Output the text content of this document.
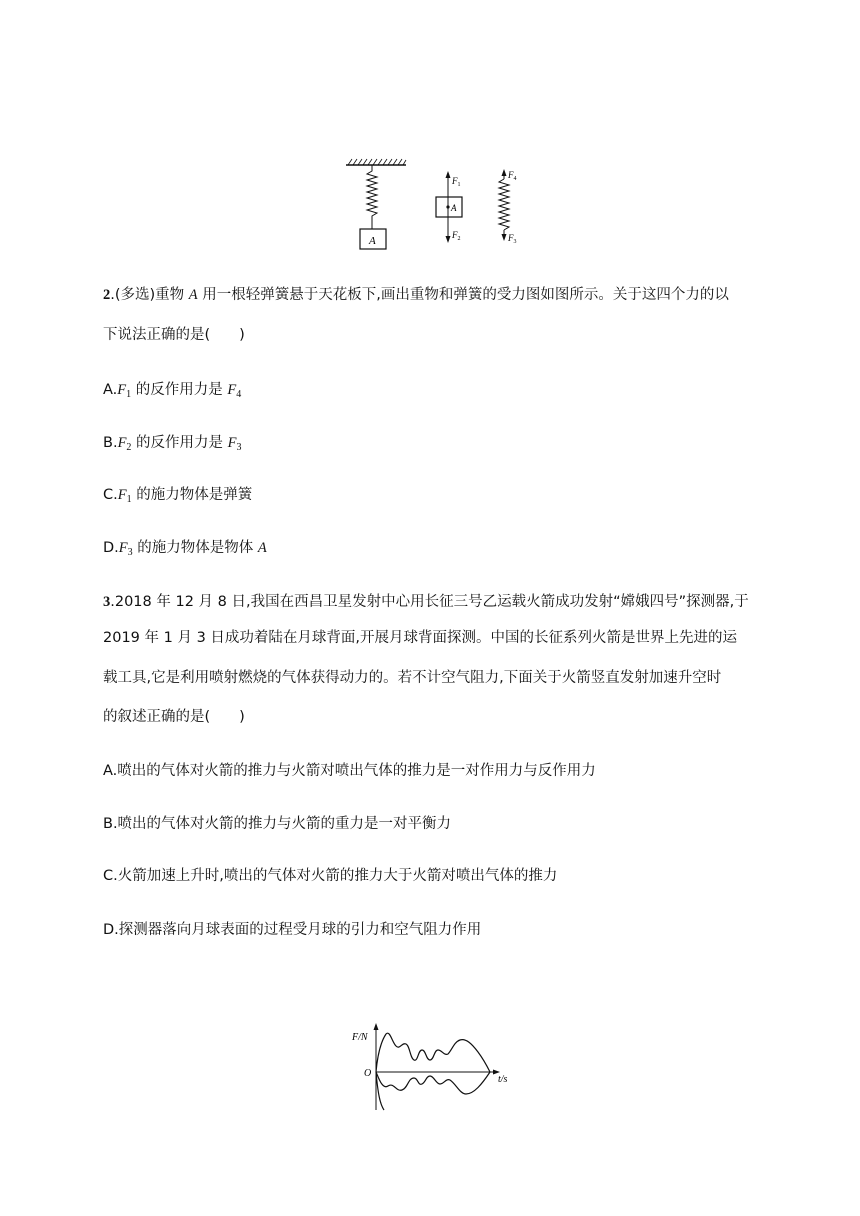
A
A
$F_1$
$F_2$
$F_4$
$F_3$
2.(多选)重物 A 用一根轻弹簧悬于天花板下,画出重物和弹簧的受力图如图所示。关于这四个力的以
下说法正确的是(　　)
$A.F_1$ 的反作用力是 $F_4$
$B.F_2$ 的反作用力是 $F_3$
$C.F_1$ 的施力物体是弹簧
$D.F_3$ 的施力物体是物体 A
3.2018 年 12 月 8 日,我国在西昌卫星发射中心用长征三号乙运载火箭成功发射“嫦娥四号”探测器,于
2019 年 1 月 3 日成功着陆在月球背面,开展月球背面探测。中国的长征系列火箭是世界上先进的运
载工具,它是利用喷射燃烧的气体获得动力的。若不计空气阻力,下面关于火箭竖直发射加速升空时
的叙述正确的是(　　)
A.喷出的气体对火箭的推力与火箭对喷出气体的推力是一对作用力与反作用力
B.喷出的气体对火箭的推力与火箭的重力是一对平衡力
C.火箭加速上升时,喷出的气体对火箭的推力大于火箭对喷出气体的推力
D.探测器落向月球表面的过程受月球的引力和空气阻力作用
F/N
t/s
O
